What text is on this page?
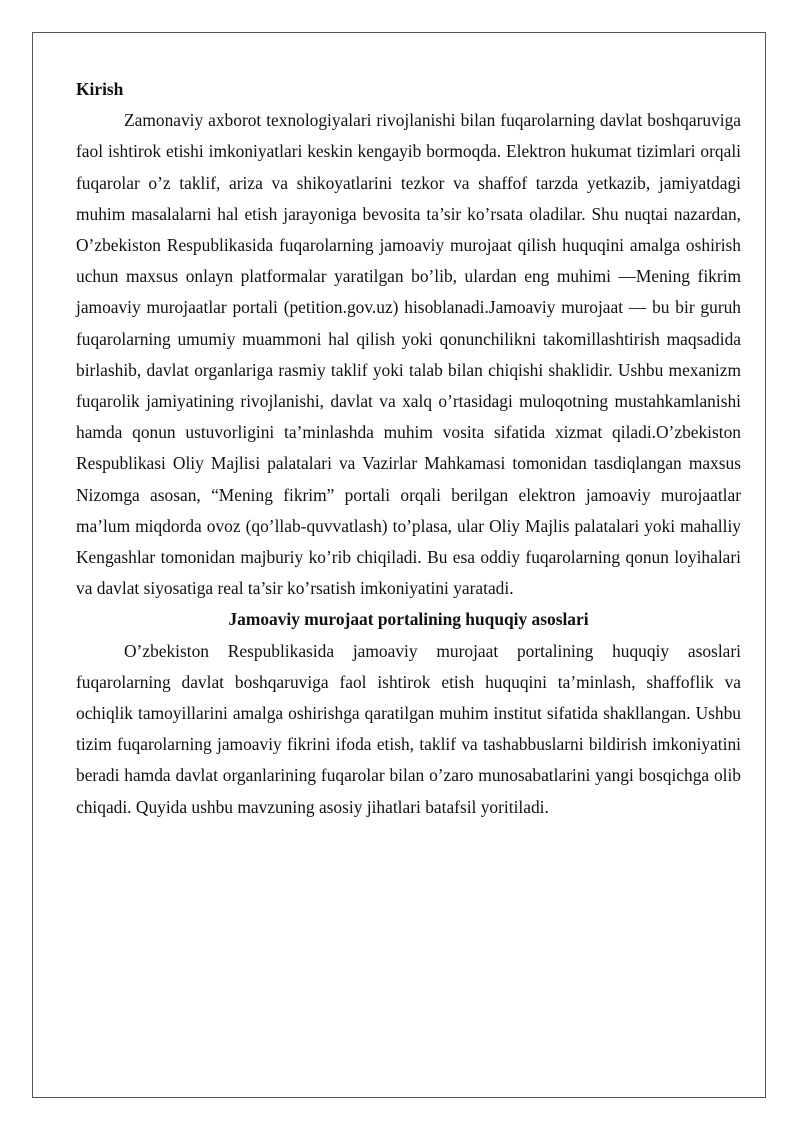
Kirish

Zamonaviy axborot texnologiyalari rivojlanishi bilan fuqarolarning davlat boshqaruviga faol ishtirok etishi imkoniyatlari keskin kengayib bormoqda. Elektron hukumat tizimlari orqali fuqarolar o’z taklif, ariza va shikoyatlarini tezkor va shaffof tarzda yetkazib, jamiyatdagi muhim masalalarni hal etish jarayoniga bevosita ta’sir ko’rsata oladilar. Shu nuqtai nazardan, O’zbekiston Respublikasida fuqarolarning jamoaviy murojaat qilish huquqini amalga oshirish uchun maxsus onlayn platformalar yaratilgan bo’lib, ulardan eng muhimi —Mening fikrim jamoaviy murojaatlar portali (petition.gov.uz) hisoblanadi.Jamoaviy murojaat — bu bir guruh fuqarolarning umumiy muammoni hal qilish yoki qonunchilikni takomillashtirish maqsadida birlashib, davlat organlariga rasmiy taklif yoki talab bilan chiqishi shaklidir. Ushbu mexanizm fuqarolik jamiyatining rivojlanishi, davlat va xalq o’rtasidagi muloqotning mustahkamlanishi hamda qonun ustuvorligini ta’minlashda muhim vosita sifatida xizmat qiladi.O’zbekiston Respublikasi Oliy Majlisi palatalari va Vazirlar Mahkamasi tomonidan tasdiqlangan maxsus Nizomga asosan, “Mening fikrim” portali orqali berilgan elektron jamoaviy murojaatlar ma’lum miqdorda ovoz (qo’llab-quvvatlash) to’plasa, ular Oliy Majlis palatalari yoki mahalliy Kengashlar tomonidan majburiy ko’rib chiqiladi. Bu esa oddiy fuqarolarning qonun loyihalari va davlat siyosatiga real ta’sir ko’rsatish imkoniyatini yaratadi.

Jamoaviy murojaat portalining huquqiy asoslari

O’zbekiston Respublikasida jamoaviy murojaat portalining huquqiy asoslari fuqarolarning davlat boshqaruviga faol ishtirok etish huquqini ta’minlash, shaffoflik va ochiqlik tamoyillarini amalga oshirishga qaratilgan muhim institut sifatida shakllangan. Ushbu tizim fuqarolarning jamoaviy fikrini ifoda etish, taklif va tashabbuslarni bildirish imkoniyatini beradi hamda davlat organlarining fuqarolar bilan o’zaro munosabatlarini yangi bosqichga olib chiqadi. Quyida ushbu mavzuning asosiy jihatlari batafsil yoritiladi.
